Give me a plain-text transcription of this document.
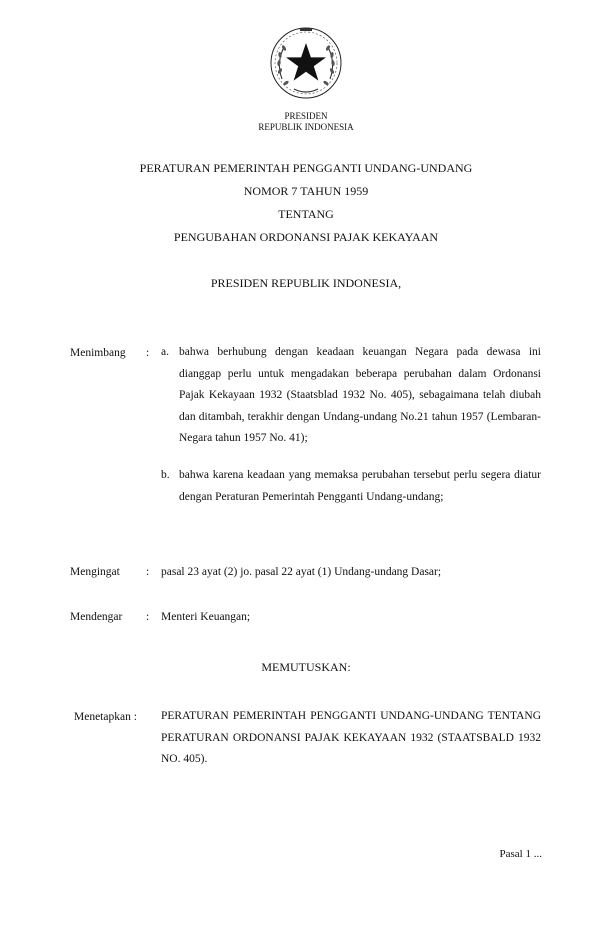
PRESIDEN
REPUBLIK INDONESIA
PERATURAN PEMERINTAH PENGGANTI UNDANG-UNDANG
NOMOR 7 TAHUN 1959
TENTANG
PENGUBAHAN ORDONANSI PAJAK KEKAYAAN
PRESIDEN REPUBLIK INDONESIA,
Menimbang : a. bahwa berhubung dengan keadaan keuangan Negara pada dewasa ini dianggap perlu untuk mengadakan beberapa perubahan dalam Ordonansi Pajak Kekayaan 1932 (Staatsblad 1932 No. 405), sebagaimana telah diubah dan ditambah, terakhir dengan Undang-undang No.21 tahun 1957 (Lembaran-Negara tahun 1957 No. 41);
b. bahwa karena keadaan yang memaksa perubahan tersebut perlu segera diatur dengan Peraturan Pemerintah Pengganti Undang-undang;
Mengingat : pasal 23 ayat (2) jo. pasal 22 ayat (1) Undang-undang Dasar;
Mendengar : Menteri Keuangan;
MEMUTUSKAN:
Menetapkan : PERATURAN PEMERINTAH PENGGANTI UNDANG-UNDANG TENTANG PERATURAN ORDONANSI PAJAK KEKAYAAN 1932 (STAATSBALD 1932 NO. 405).
Pasal 1 ...
